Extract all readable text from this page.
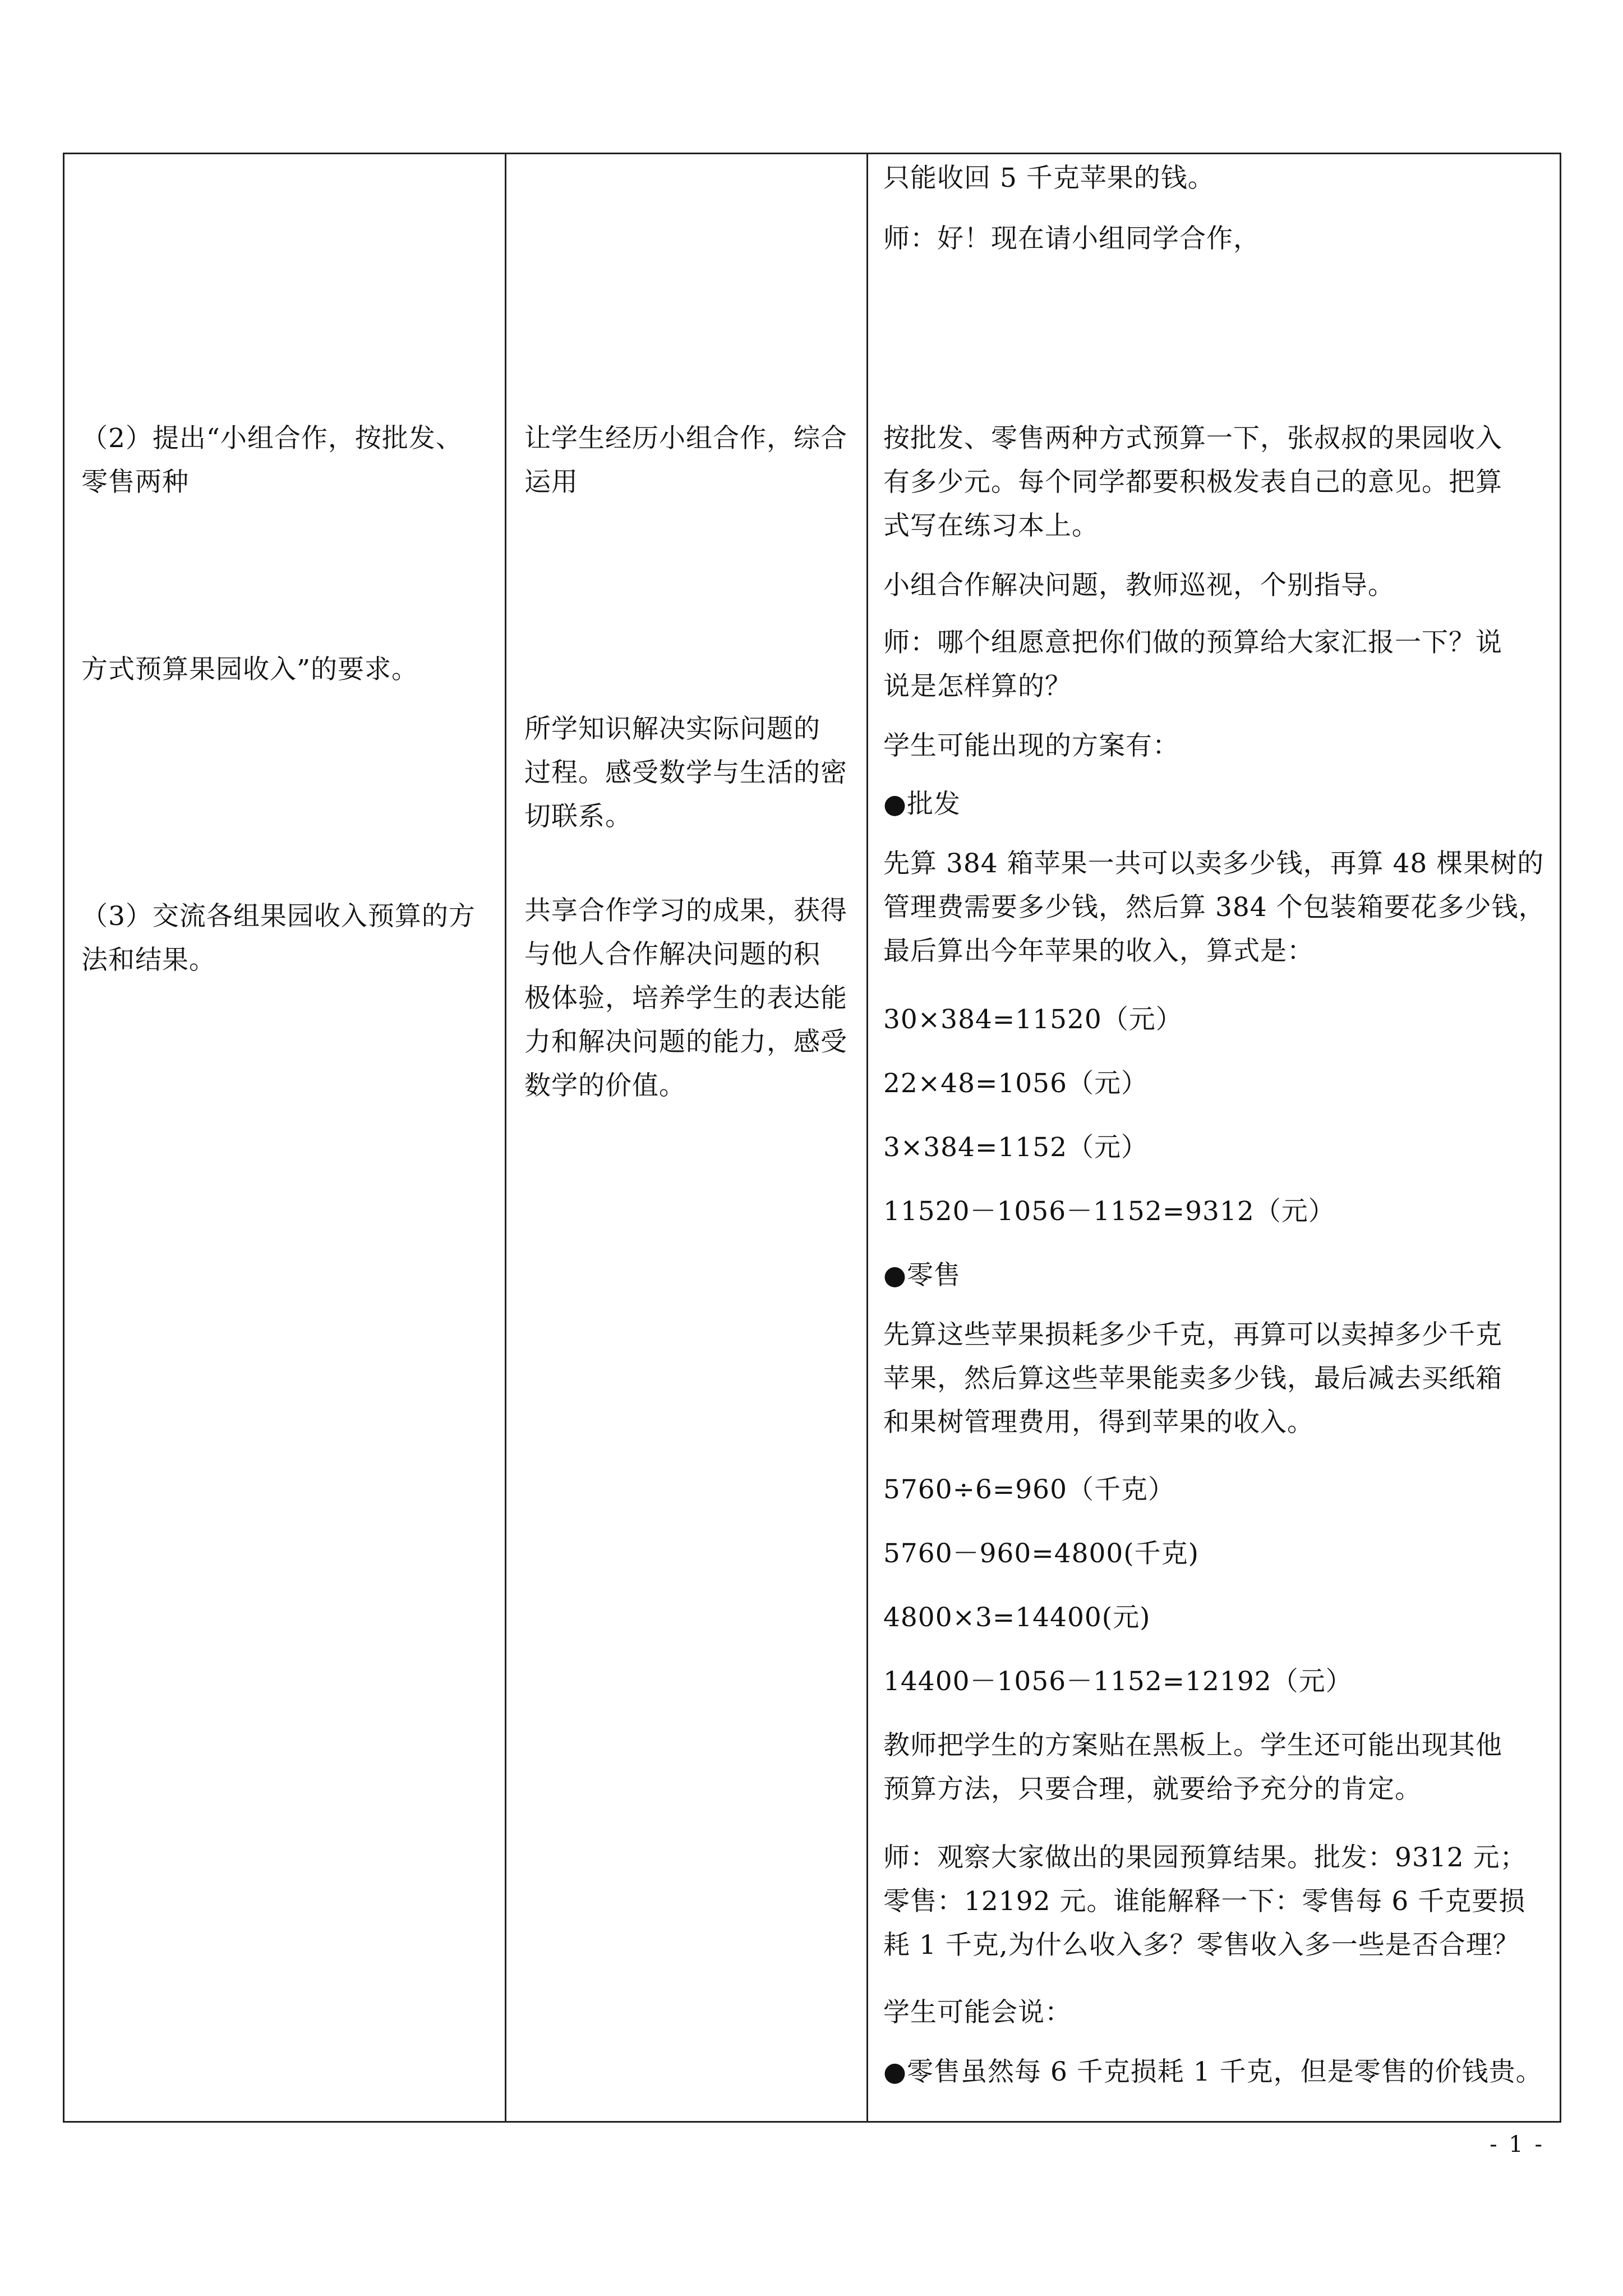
（2）提出“小组合作，按批发、
零售两种
方式预算果园收入”的要求。
（3）交流各组果园收入预算的方
法和结果。
让学生经历小组合作，综合
运用
所学知识解决实际问题的
过程。感受数学与生活的密
切联系。
共享合作学习的成果，获得
与他人合作解决问题的积
极体验，培养学生的表达能
力和解决问题的能力，感受
数学的价值。
只能收回 5 千克苹果的钱。
师：好！现在请小组同学合作，
按批发、零售两种方式预算一下，张叔叔的果园收入
有多少元。每个同学都要积极发表自己的意见。把算
式写在练习本上。
小组合作解决问题，教师巡视，个别指导。
师：哪个组愿意把你们做的预算给大家汇报一下？说
说是怎样算的？
学生可能出现的方案有：
●批发
先算 384 箱苹果一共可以卖多少钱，再算 48 棵果树的
管理费需要多少钱，然后算 384 个包装箱要花多少钱，
最后算出今年苹果的收入，算式是：
30×384=11520（元）
22×48=1056（元）
3×384=1152（元）
11520－1056－1152=9312（元）
●零售
先算这些苹果损耗多少千克，再算可以卖掉多少千克
苹果，然后算这些苹果能卖多少钱，最后减去买纸箱
和果树管理费用，得到苹果的收入。
5760÷6=960（千克）
5760－960=4800(千克)
4800×3=14400(元)
14400－1056－1152=12192（元）
教师把学生的方案贴在黑板上。学生还可能出现其他
预算方法，只要合理，就要给予充分的肯定。
师：观察大家做出的果园预算结果。批发：9312 元；
零售：12192 元。谁能解释一下：零售每 6 千克要损
耗 1 千克,为什么收入多？零售收入多一些是否合理？
学生可能会说：
●零售虽然每 6 千克损耗 1 千克，但是零售的价钱贵。
- 1 -
